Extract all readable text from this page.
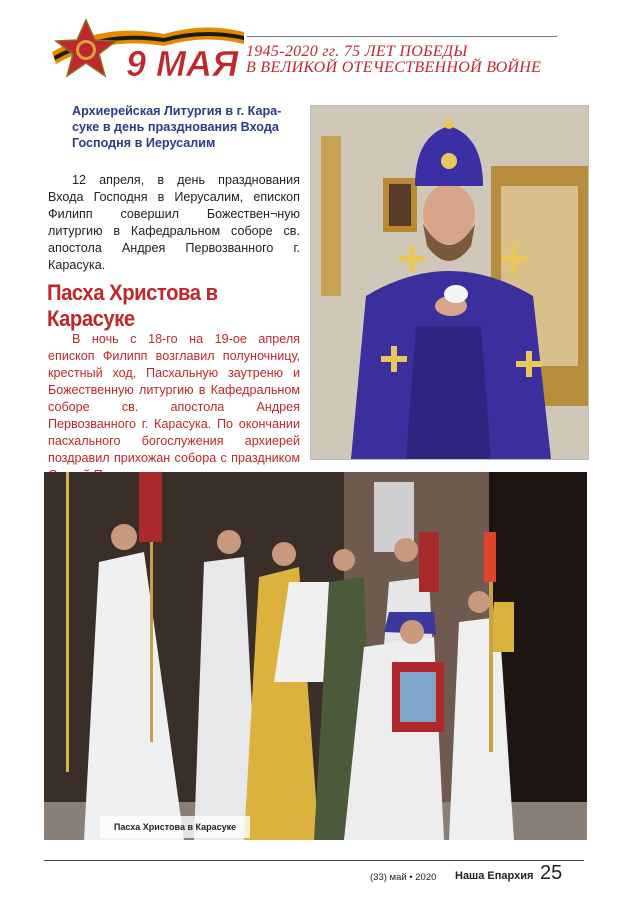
9 МАЯ 1945-2020 гг. 75 ЛЕТ ПОБЕДЫ
В ВЕЛИКОЙ ОТЕЧЕСТВЕННОЙ ВОЙНЕ
Архиерейская Литургия в г. Кара-суке в день празднования Входа Господня в Иерусалим
12 апреля, в день празднования Входа Господня в Иерусалим, епископ Филипп совершил Божествен¬ную литургию в Кафедральном соборе св. апостола Андрея Первозванного г. Карасука.
Пасха Христова в Карасуке
В ночь с 18-го на 19-ое апреля епископ Филипп возглавил полуночницу, крестный ход, Пасхальную заутреню и Божественную литургию в Кафедральном соборе св. апостола Андрея Первозванного г. Карасука. По окончании пасхального богослужения архиерей поздравил прихожан собора с праздником
Пасха Христова в Карасуке
(33) май • 2020 Наша Епархия 25
